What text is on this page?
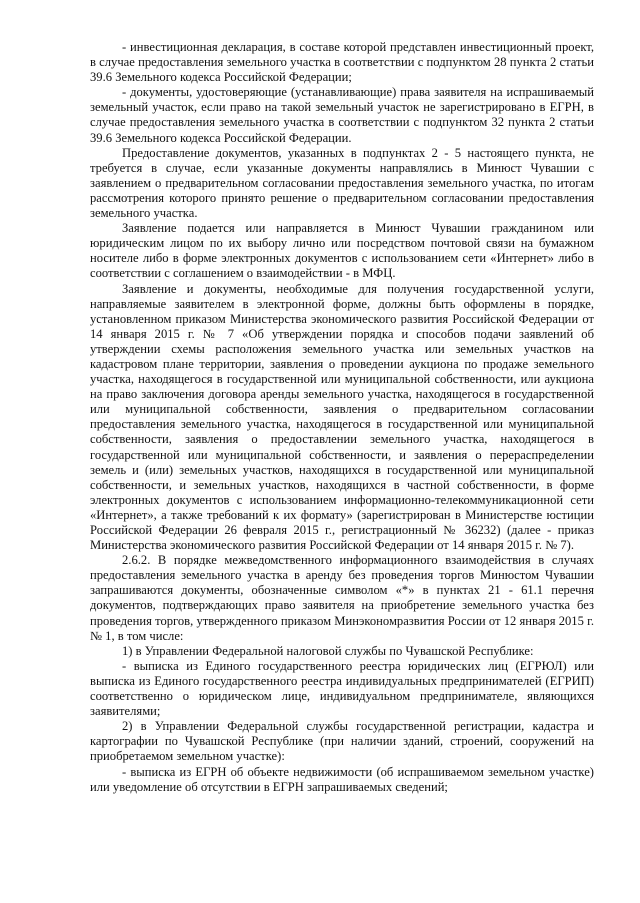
- инвестиционная декларация, в составе которой представлен инвестиционный проект, в случае предоставления земельного участка в соответствии с подпунктом 28 пункта 2 статьи 39.6 Земельного кодекса Российской Федерации;

- документы, удостоверяющие (устанавливающие) права заявителя на испрашиваемый земельный участок, если право на такой земельный участок не зарегистрировано в ЕГРН, в случае предоставления земельного участка в соответствии с подпунктом 32 пункта 2 статьи 39.6 Земельного кодекса Российской Федерации.

Предоставление документов, указанных в подпунктах 2 - 5 настоящего пункта, не требуется в случае, если указанные документы направлялись в Минюст Чувашии с заявлением о предварительном согласовании предоставления земельного участка, по итогам рассмотрения которого принято решение о предварительном согласовании предоставления земельного участка.

Заявление подается или направляется в Минюст Чувашии гражданином или юридическим лицом по их выбору лично или посредством почтовой связи на бумажном носителе либо в форме электронных документов с использованием сети «Интернет» либо в соответствии с соглашением о взаимодействии - в МФЦ.

Заявление и документы, необходимые для получения государственной услуги, направляемые заявителем в электронной форме, должны быть оформлены в порядке, установленном приказом Министерства экономического развития Российской Федерации от 14 января 2015 г. № 7 «Об утверждении порядка и способов подачи заявлений об утверждении схемы расположения земельного участка или земельных участков на кадастровом плане территории, заявления о проведении аукциона по продаже земельного участка, находящегося в государственной или муниципальной собственности, или аукциона на право заключения договора аренды земельного участка, находящегося в государственной или муниципальной собственности, заявления о предварительном согласовании предоставления земельного участка, находящегося в государственной или муниципальной собственности, заявления о предоставлении земельного участка, находящегося в государственной или муниципальной собственности, и заявления о перераспределении земель и (или) земельных участков, находящихся в государственной или муниципальной собственности, и земельных участков, находящихся в частной собственности, в форме электронных документов с использованием информационно-телекоммуникационной сети «Интернет», а также требований к их формату» (зарегистрирован в Министерстве юстиции Российской Федерации 26 февраля 2015 г., регистрационный № 36232) (далее - приказ Министерства экономического развития Российской Федерации от 14 января 2015 г. № 7).

2.6.2. В порядке межведомственного информационного взаимодействия в случаях предоставления земельного участка в аренду без проведения торгов Минюстом Чувашии запрашиваются документы, обозначенные символом «*» в пунктах 21 - 61.1 перечня документов, подтверждающих право заявителя на приобретение земельного участка без проведения торгов, утвержденного приказом Минэкономразвития России от 12 января 2015 г. № 1, в том числе:

1) в Управлении Федеральной налоговой службы по Чувашской Республике:

- выписка из Единого государственного реестра юридических лиц (ЕГРЮЛ) или выписка из Единого государственного реестра индивидуальных предпринимателей (ЕГРИП) соответственно о юридическом лице, индивидуальном предпринимателе, являющихся заявителями;

2) в Управлении Федеральной службы государственной регистрации, кадастра и картографии по Чувашской Республике (при наличии зданий, строений, сооружений на приобретаемом земельном участке):

- выписка из ЕГРН об объекте недвижимости (об испрашиваемом земельном участке) или уведомление об отсутствии в ЕГРН запрашиваемых сведений;
